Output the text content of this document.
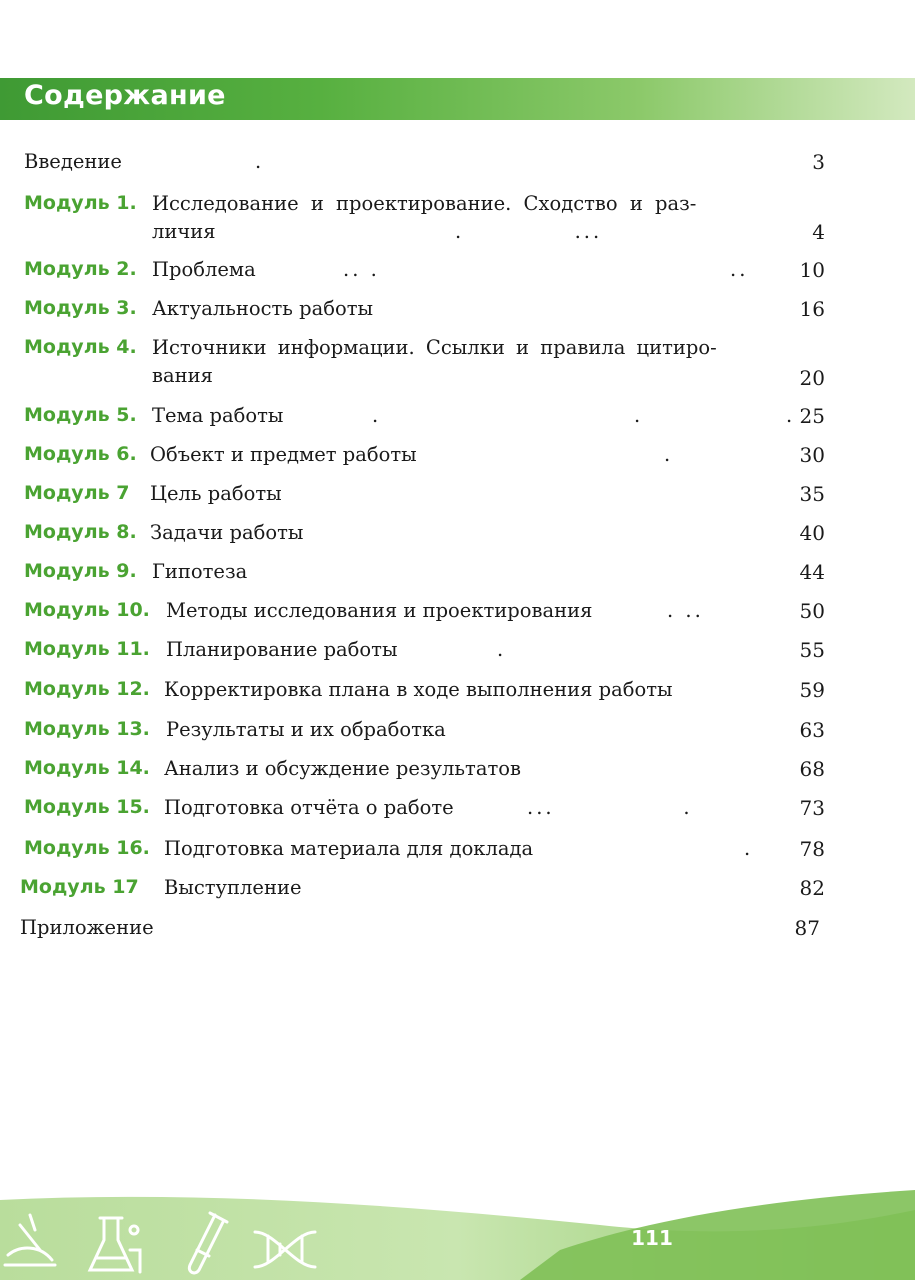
Содержание
Введение	.	3
Модуль 1. Исследование и проектирование. Сходство и раз-
личия	.            ...	4
Модуль 2. Проблема	.. .	..	10
Модуль 3. Актуальность работы	16
Модуль 4. Источники информации. Ссылки и правила цитиро-
вания	20
Модуль 5. Тема работы	.	.	. 25
Модуль 6. Объект и предмет работы	.	30
Модуль 7 Цель работы	35
Модуль 8. Задачи работы	40
Модуль 9. Гипотеза	44
Модуль 10. Методы исследования и проектирования	. ..	50
Модуль 11. Планирование работы	.	55
Модуль 12. Корректировка плана в ходе выполнения работы	59
Модуль 13. Результаты и их обработка	63
Модуль 14. Анализ и обсуждение результатов	68
Модуль 15. Подготовка отчёта о работе	...              .	73
Модуль 16. Подготовка материала для доклада	. 78
Модуль 17 Выступление	82
Приложение	87
111
